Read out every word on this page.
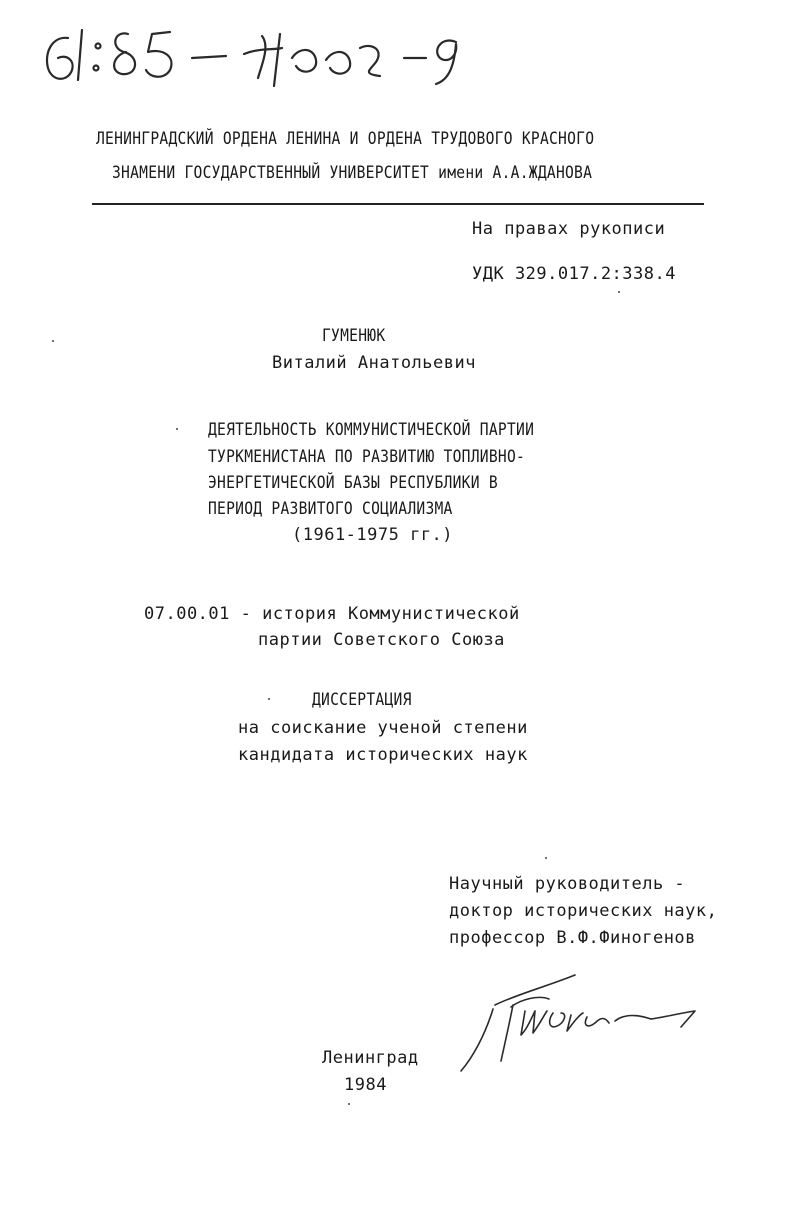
ЛЕНИНГРАДСКИЙ ОРДЕНА ЛЕНИНА И ОРДЕНА ТРУДОВОГО КРАСНОГО
ЗНАМЕНИ ГОСУДАРСТВЕННЫЙ УНИВЕРСИТЕТ имени А.А.ЖДАНОВА
На правах рукописи
УДК 329.017.2:338.4
ГУМЕНЮК
Виталий Анатольевич
ДЕЯТЕЛЬНОСТЬ КОММУНИСТИЧЕСКОЙ ПАРТИИ
ТУРКМЕНИСТАНА ПО РАЗВИТИЮ ТОПЛИВНО-
ЭНЕРГЕТИЧЕСКОЙ БАЗЫ РЕСПУБЛИКИ В
ПЕРИОД РАЗВИТОГО СОЦИАЛИЗМА
(1961-1975 гг.)
07.00.01 - история Коммунистической
партии Советского Союза
ДИССЕРТАЦИЯ
на соискание ученой степени
кандидата исторических наук
Научный руководитель -
доктор исторических наук,
профессор В.Ф.Финогенов
Ленинград
1984
